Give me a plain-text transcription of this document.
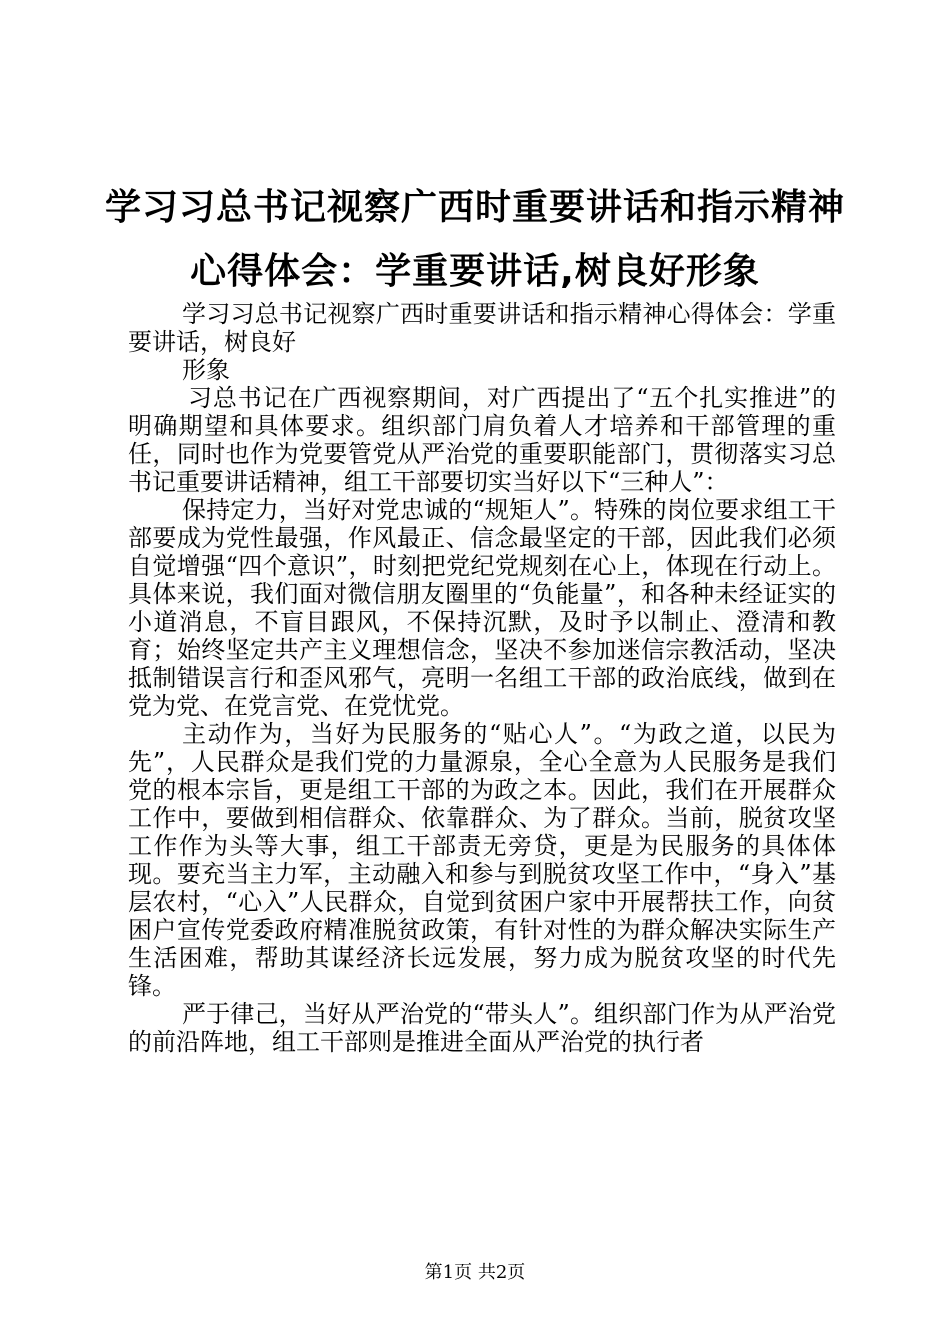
学习习总书记视察广西时重要讲话和指示精神
心得体会：学重要讲话,树良好形象

学习习总书记视察广西时重要讲话和指示精神心得体会：学重要讲话，树良好

形象

习总书记在广西视察期间，对广西提出了“五个扎实推进”的明确期望和具体要求。组织部门肩负着人才培养和干部管理的重任，同时也作为党要管党从严治党的重要职能部门，贯彻落实习总书记重要讲话精神，组工干部要切实当好以下“三种人”：

保持定力，当好对党忠诚的“规矩人”。特殊的岗位要求组工干部要成为党性最强，作风最正、信念最坚定的干部，因此我们必须自觉增强“四个意识”，时刻把党纪党规刻在心上，体现在行动上。具体来说，我们面对微信朋友圈里的“负能量”，和各种未经证实的小道消息，不盲目跟风，不保持沉默，及时予以制止、澄清和教育；始终坚定共产主义理想信念，坚决不参加迷信宗教活动，坚决抵制错误言行和歪风邪气，亮明一名组工干部的政治底线，做到在党为党、在党言党、在党忧党。

主动作为，当好为民服务的“贴心人”。“为政之道，以民为先”，人民群众是我们党的力量源泉，全心全意为人民服务是我们党的根本宗旨，更是组工干部的为政之本。因此，我们在开展群众工作中，要做到相信群众、依靠群众、为了群众。当前，脱贫攻坚工作作为头等大事，组工干部责无旁贷，更是为民服务的具体体现。要充当主力军，主动融入和参与到脱贫攻坚工作中，“身入”基层农村，“心入”人民群众，自觉到贫困户家中开展帮扶工作，向贫困户宣传党委政府精准脱贫政策，有针对性的为群众解决实际生产生活困难，帮助其谋经济长远发展，努力成为脱贫攻坚的时代先锋。

严于律己，当好从严治党的“带头人”。组织部门作为从严治党的前沿阵地，组工干部则是推进全面从严治党的执行者

第1页 共2页
